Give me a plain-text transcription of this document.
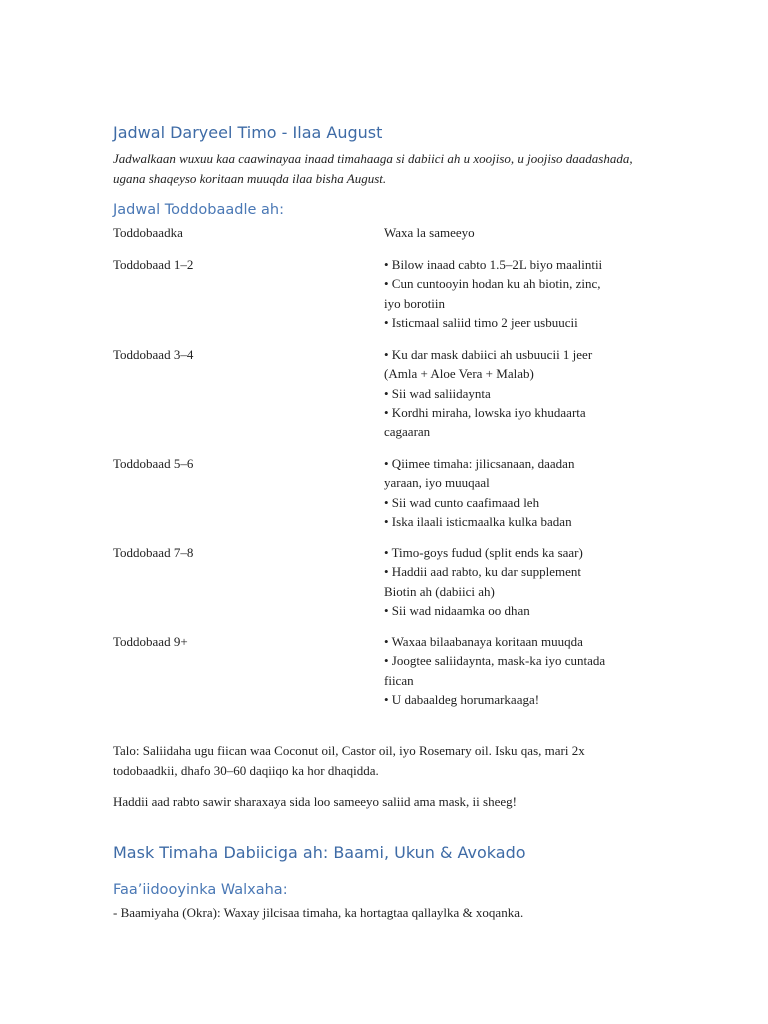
Jadwal Daryeel Timo - Ilaa August
Jadwalkaan wuxuu kaa caawinayaa inaad timahaaga si dabiici ah u xoojiso, u joojiso daadashada, ugana shaqeyso koritaan muuqda ilaa bisha August.
Jadwal Toddobaadle ah:
Toddobaadka	Waxa la sameeyo
Toddobaad 1–2	• Bilow inaad cabto 1.5–2L biyo maalintii
• Cun cuntooyin hodan ku ah biotin, zinc,
iyo borotiin
• Isticmaal saliid timo 2 jeer usbuucii
Toddobaad 3–4	• Ku dar mask dabiici ah usbuucii 1 jeer
(Amla + Aloe Vera + Malab)
• Sii wad saliidaynta
• Kordhi miraha, lowska iyo khudaarta
cagaaran
Toddobaad 5–6	• Qiimee timaha: jilicsanaan, daadan
yaraan, iyo muuqaal
• Sii wad cunto caafimaad leh
• Iska ilaali isticmaalka kulka badan
Toddobaad 7–8	• Timo-goys fudud (split ends ka saar)
• Haddii aad rabto, ku dar supplement
Biotin ah (dabiici ah)
• Sii wad nidaamka oo dhan
Toddobaad 9+	• Waxaa bilaabanaya koritaan muuqda
• Joogtee saliidaynta, mask-ka iyo cuntada
fiican
• U dabaaldeg horumarkaaga!
Talo: Saliidaha ugu fiican waa Coconut oil, Castor oil, iyo Rosemary oil. Isku qas, mari 2x todobaadkii, dhafo 30–60 daqiiqo ka hor dhaqidda.
Haddii aad rabto sawir sharaxaya sida loo sameeyo saliid ama mask, ii sheeg!
Mask Timaha Dabiiciga ah: Baami, Ukun & Avokado
Faa’iidooyinka Walxaha:
- Baamiyaha (Okra): Waxay jilcisaa timaha, ka hortagtaa qallaylka & xoqanka.
